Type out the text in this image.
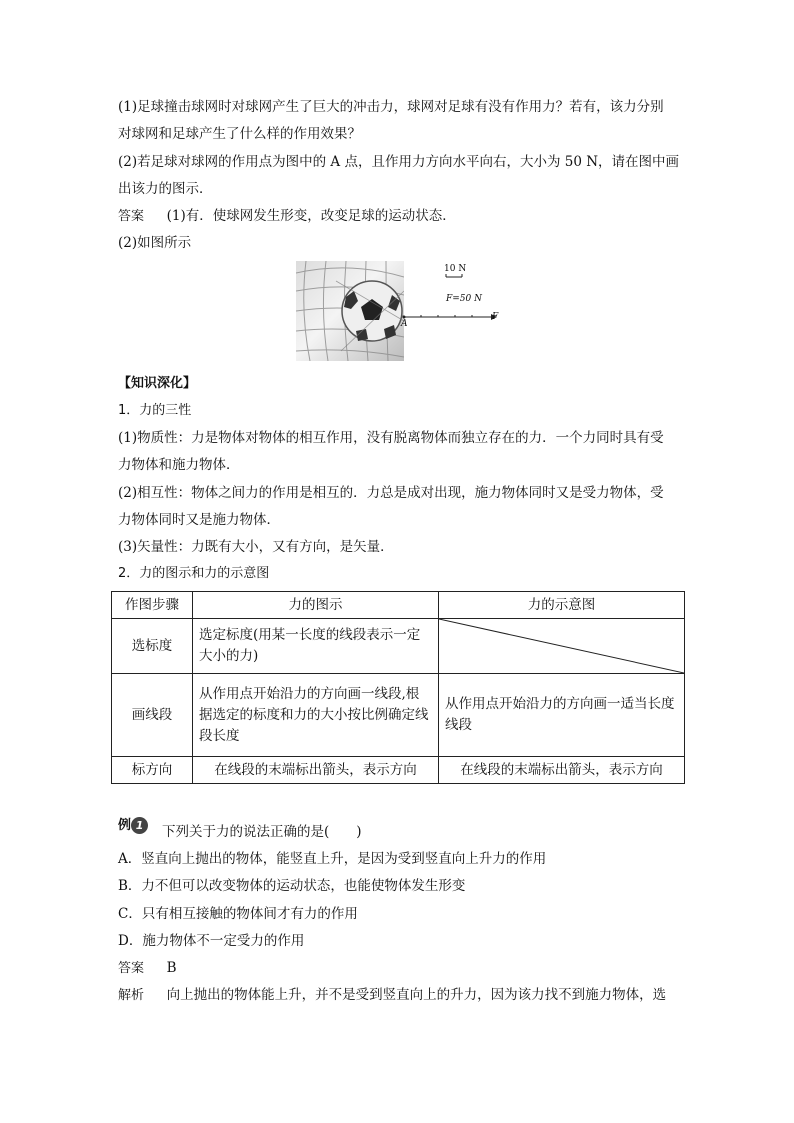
(1)足球撞击球网时对球网产生了巨大的冲击力，球网对足球有没有作用力？若有，该力分别
对球网和足球产生了什么样的作用效果？
(2)若足球对球网的作用点为图中的 A 点，且作用力方向水平向右，大小为 50 N，请在图中画
出该力的图示．
答案 (1)有．使球网发生形变，改变足球的运动状态．
(2)如图所示
10 N
F=50 N
A
F
【知识深化】
1．力的三性
(1)物质性：力是物体对物体的相互作用，没有脱离物体而独立存在的力．一个力同时具有受
力物体和施力物体．
(2)相互性：物体之间力的作用是相互的．力总是成对出现，施力物体同时又是受力物体，受
力物体同时又是施力物体．
(3)矢量性：力既有大小，又有方向，是矢量．
2．力的图示和力的示意图
作图步骤	力的图示	力的示意图
选标度	选定标度(用某一长度的线段表示一定大小的力)	

画线段	从作用点开始沿力的方向画一线段,根据选定的标度和力的大小按比例确定线段长度	从作用点开始沿力的方向画一适当长度线段
标方向	在线段的末端标出箭头，表示方向	在线段的末端标出箭头，表示方向
例 1	下列关于力的说法正确的是(　　)
A．竖直向上抛出的物体，能竖直上升，是因为受到竖直向上升力的作用
B．力不但可以改变物体的运动状态，也能使物体发生形变
C．只有相互接触的物体间才有力的作用
D．施力物体不一定受力的作用
答案 B
解析 向上抛出的物体能上升，并不是受到竖直向上的升力，因为该力找不到施力物体，选
